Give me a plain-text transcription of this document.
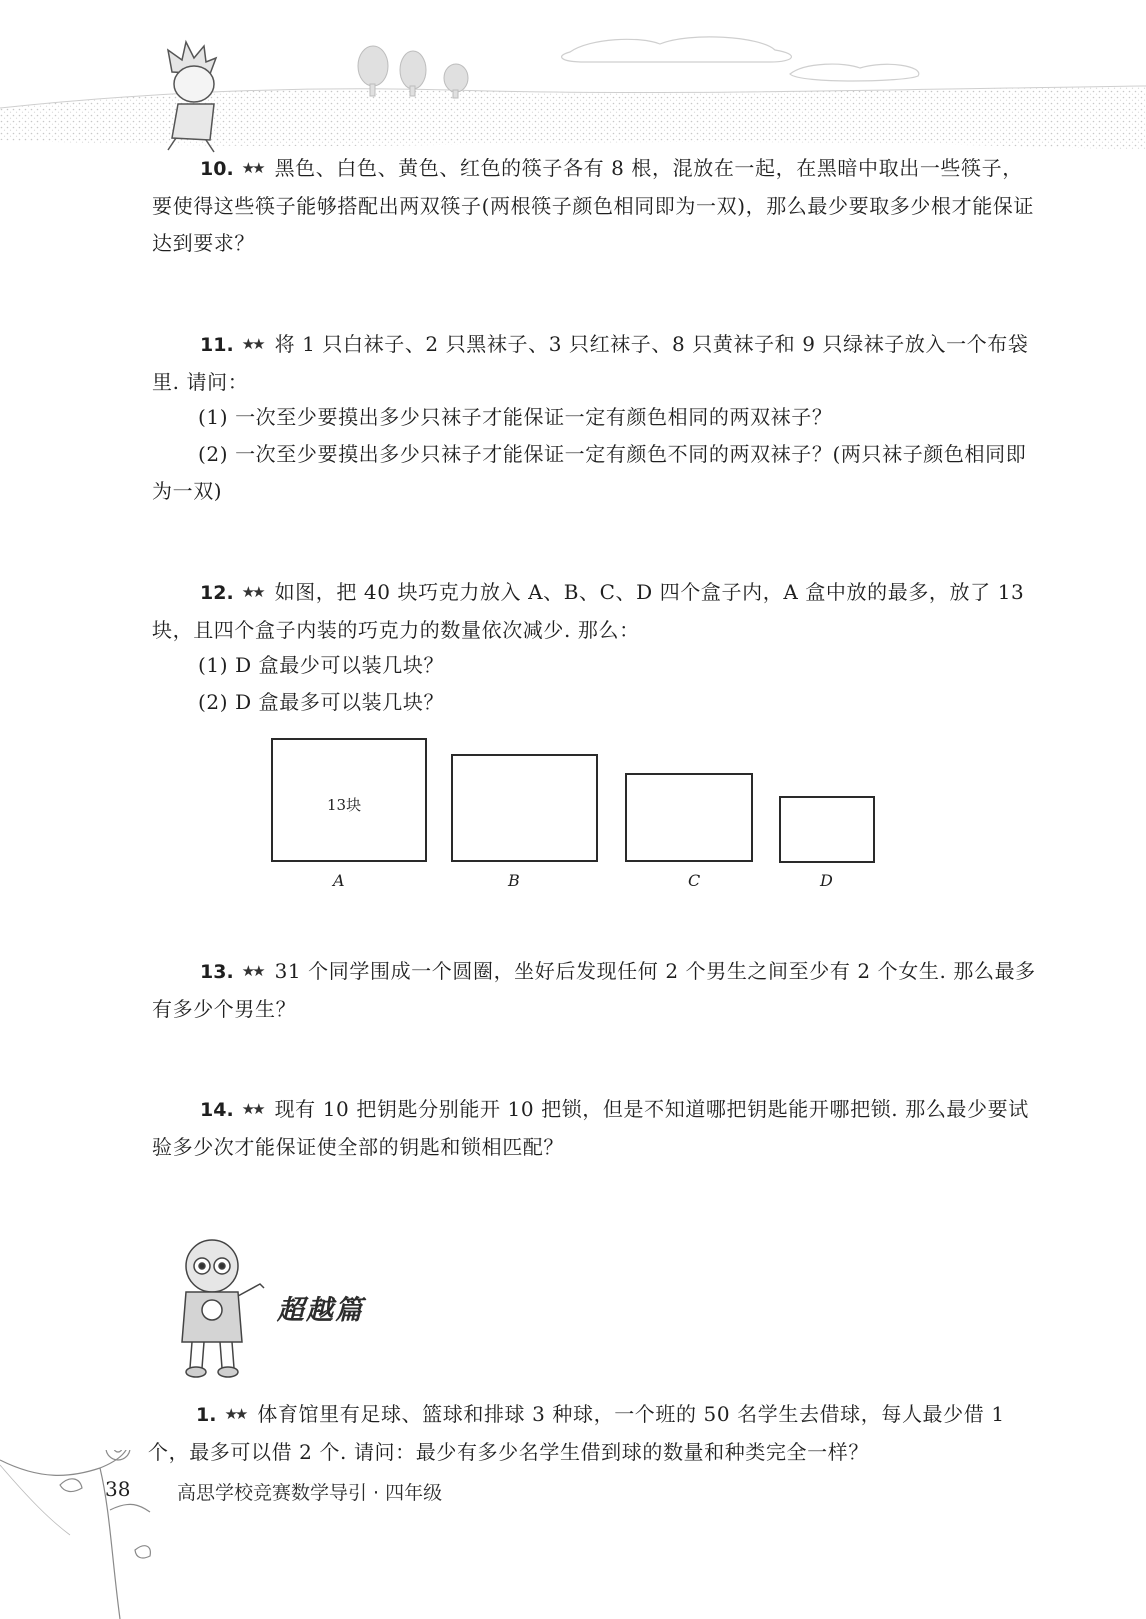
10. ★★ 黑色、白色、黄色、红色的筷子各有 8 根，混放在一起，在黑暗中取出一些筷子，要使得这些筷子能够搭配出两双筷子(两根筷子颜色相同即为一双)，那么最少要取多少根才能保证达到要求？
11. ★★ 将 1 只白袜子、2 只黑袜子、3 只红袜子、8 只黄袜子和 9 只绿袜子放入一个布袋里. 请问：
(1) 一次至少要摸出多少只袜子才能保证一定有颜色相同的两双袜子？
(2) 一次至少要摸出多少只袜子才能保证一定有颜色不同的两双袜子？(两只袜子颜色相同即为一双)
12. ★★ 如图，把 40 块巧克力放入 A、B、C、D 四个盒子内，A 盒中放的最多，放了 13 块，且四个盒子内装的巧克力的数量依次减少. 那么：
(1) D 盒最少可以装几块？
(2) D 盒最多可以装几块？
13块
A	B	C	D
13. ★★ 31 个同学围成一个圆圈，坐好后发现任何 2 个男生之间至少有 2 个女生. 那么最多有多少个男生？
14. ★★ 现有 10 把钥匙分别能开 10 把锁，但是不知道哪把钥匙能开哪把锁. 那么最少要试验多少次才能保证使全部的钥匙和锁相匹配？
超越篇
1. ★★ 体育馆里有足球、篮球和排球 3 种球，一个班的 50 名学生去借球，每人最少借 1 个，最多可以借 2 个. 请问：最少有多少名学生借到球的数量和种类完全一样？
38 高思学校竞赛数学导引 · 四年级
